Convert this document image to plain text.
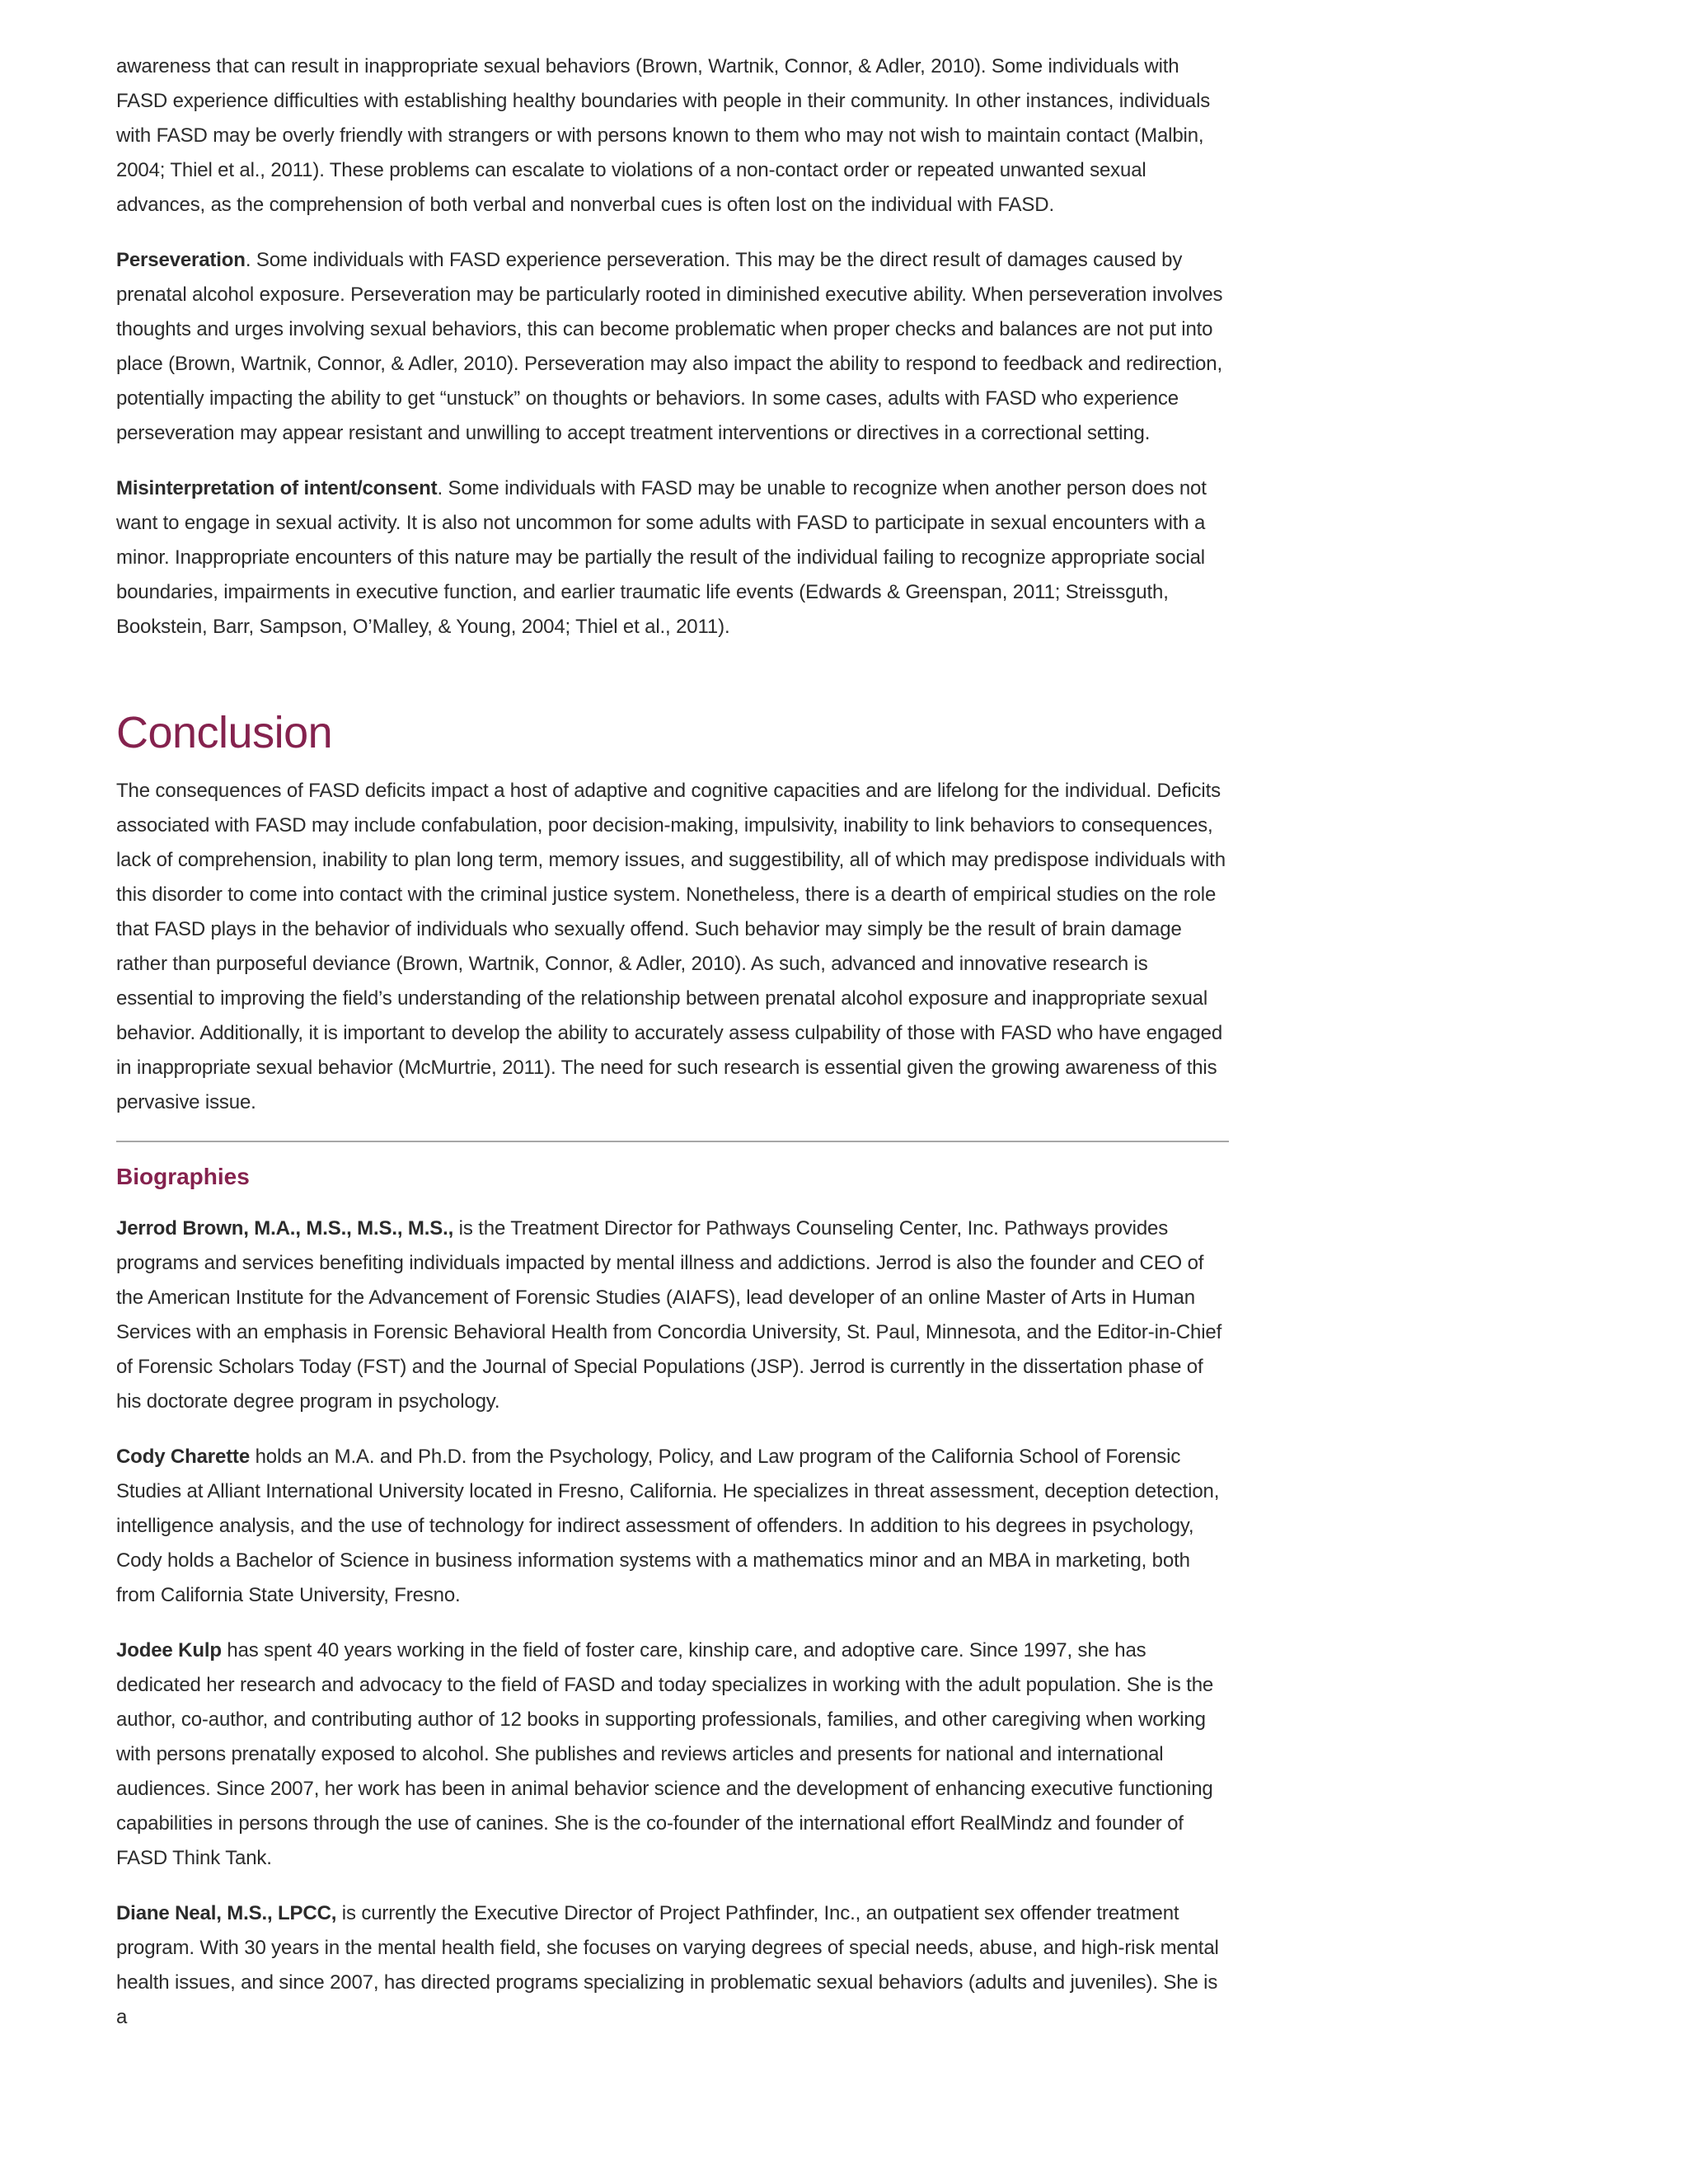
awareness that can result in inappropriate sexual behaviors (Brown, Wartnik, Connor, & Adler, 2010). Some individuals with FASD experience difficulties with establishing healthy boundaries with people in their community. In other instances, individuals with FASD may be overly friendly with strangers or with persons known to them who may not wish to maintain contact (Malbin, 2004; Thiel et al., 2011). These problems can escalate to violations of a non-contact order or repeated unwanted sexual advances, as the comprehension of both verbal and nonverbal cues is often lost on the individual with FASD.

Perseveration. Some individuals with FASD experience perseveration. This may be the direct result of damages caused by prenatal alcohol exposure. Perseveration may be particularly rooted in diminished executive ability. When perseveration involves thoughts and urges involving sexual behaviors, this can become problematic when proper checks and balances are not put into place (Brown, Wartnik, Connor, & Adler, 2010). Perseveration may also impact the ability to respond to feedback and redirection, potentially impacting the ability to get “unstuck” on thoughts or behaviors. In some cases, adults with FASD who experience perseveration may appear resistant and unwilling to accept treatment interventions or directives in a correctional setting.

Misinterpretation of intent/consent. Some individuals with FASD may be unable to recognize when another person does not want to engage in sexual activity. It is also not uncommon for some adults with FASD to participate in sexual encounters with a minor. Inappropriate encounters of this nature may be partially the result of the individual failing to recognize appropriate social boundaries, impairments in executive function, and earlier traumatic life events (Edwards & Greenspan, 2011; Streissguth, Bookstein, Barr, Sampson, O’Malley, & Young, 2004; Thiel et al., 2011).

Conclusion

The consequences of FASD deficits impact a host of adaptive and cognitive capacities and are lifelong for the individual. Deficits associated with FASD may include confabulation, poor decision-making, impulsivity, inability to link behaviors to consequences, lack of comprehension, inability to plan long term, memory issues, and suggestibility, all of which may predispose individuals with this disorder to come into contact with the criminal justice system. Nonetheless, there is a dearth of empirical studies on the role that FASD plays in the behavior of individuals who sexually offend. Such behavior may simply be the result of brain damage rather than purposeful deviance (Brown, Wartnik, Connor, & Adler, 2010). As such, advanced and innovative research is essential to improving the field’s understanding of the relationship between prenatal alcohol exposure and inappropriate sexual behavior. Additionally, it is important to develop the ability to accurately assess culpability of those with FASD who have engaged in inappropriate sexual behavior (McMurtrie, 2011). The need for such research is essential given the growing awareness of this pervasive issue.

Biographies

Jerrod Brown, M.A., M.S., M.S., M.S., is the Treatment Director for Pathways Counseling Center, Inc. Pathways provides programs and services benefiting individuals impacted by mental illness and addictions. Jerrod is also the founder and CEO of the American Institute for the Advancement of Forensic Studies (AIAFS), lead developer of an online Master of Arts in Human Services with an emphasis in Forensic Behavioral Health from Concordia University, St. Paul, Minnesota, and the Editor-in-Chief of Forensic Scholars Today (FST) and the Journal of Special Populations (JSP). Jerrod is currently in the dissertation phase of his doctorate degree program in psychology.

Cody Charette holds an M.A. and Ph.D. from the Psychology, Policy, and Law program of the California School of Forensic Studies at Alliant International University located in Fresno, California. He specializes in threat assessment, deception detection, intelligence analysis, and the use of technology for indirect assessment of offenders. In addition to his degrees in psychology, Cody holds a Bachelor of Science in business information systems with a mathematics minor and an MBA in marketing, both from California State University, Fresno.

Jodee Kulp has spent 40 years working in the field of foster care, kinship care, and adoptive care. Since 1997, she has dedicated her research and advocacy to the field of FASD and today specializes in working with the adult population. She is the author, co-author, and contributing author of 12 books in supporting professionals, families, and other caregiving when working with persons prenatally exposed to alcohol. She publishes and reviews articles and presents for national and international audiences. Since 2007, her work has been in animal behavior science and the development of enhancing executive functioning capabilities in persons through the use of canines. She is the co-founder of the international effort RealMindz and founder of FASD Think Tank.

Diane Neal, M.S., LPCC, is currently the Executive Director of Project Pathfinder, Inc., an outpatient sex offender treatment program. With 30 years in the mental health field, she focuses on varying degrees of special needs, abuse, and high-risk mental health issues, and since 2007, has directed programs specializing in problematic sexual behaviors (adults and juveniles). She is a
